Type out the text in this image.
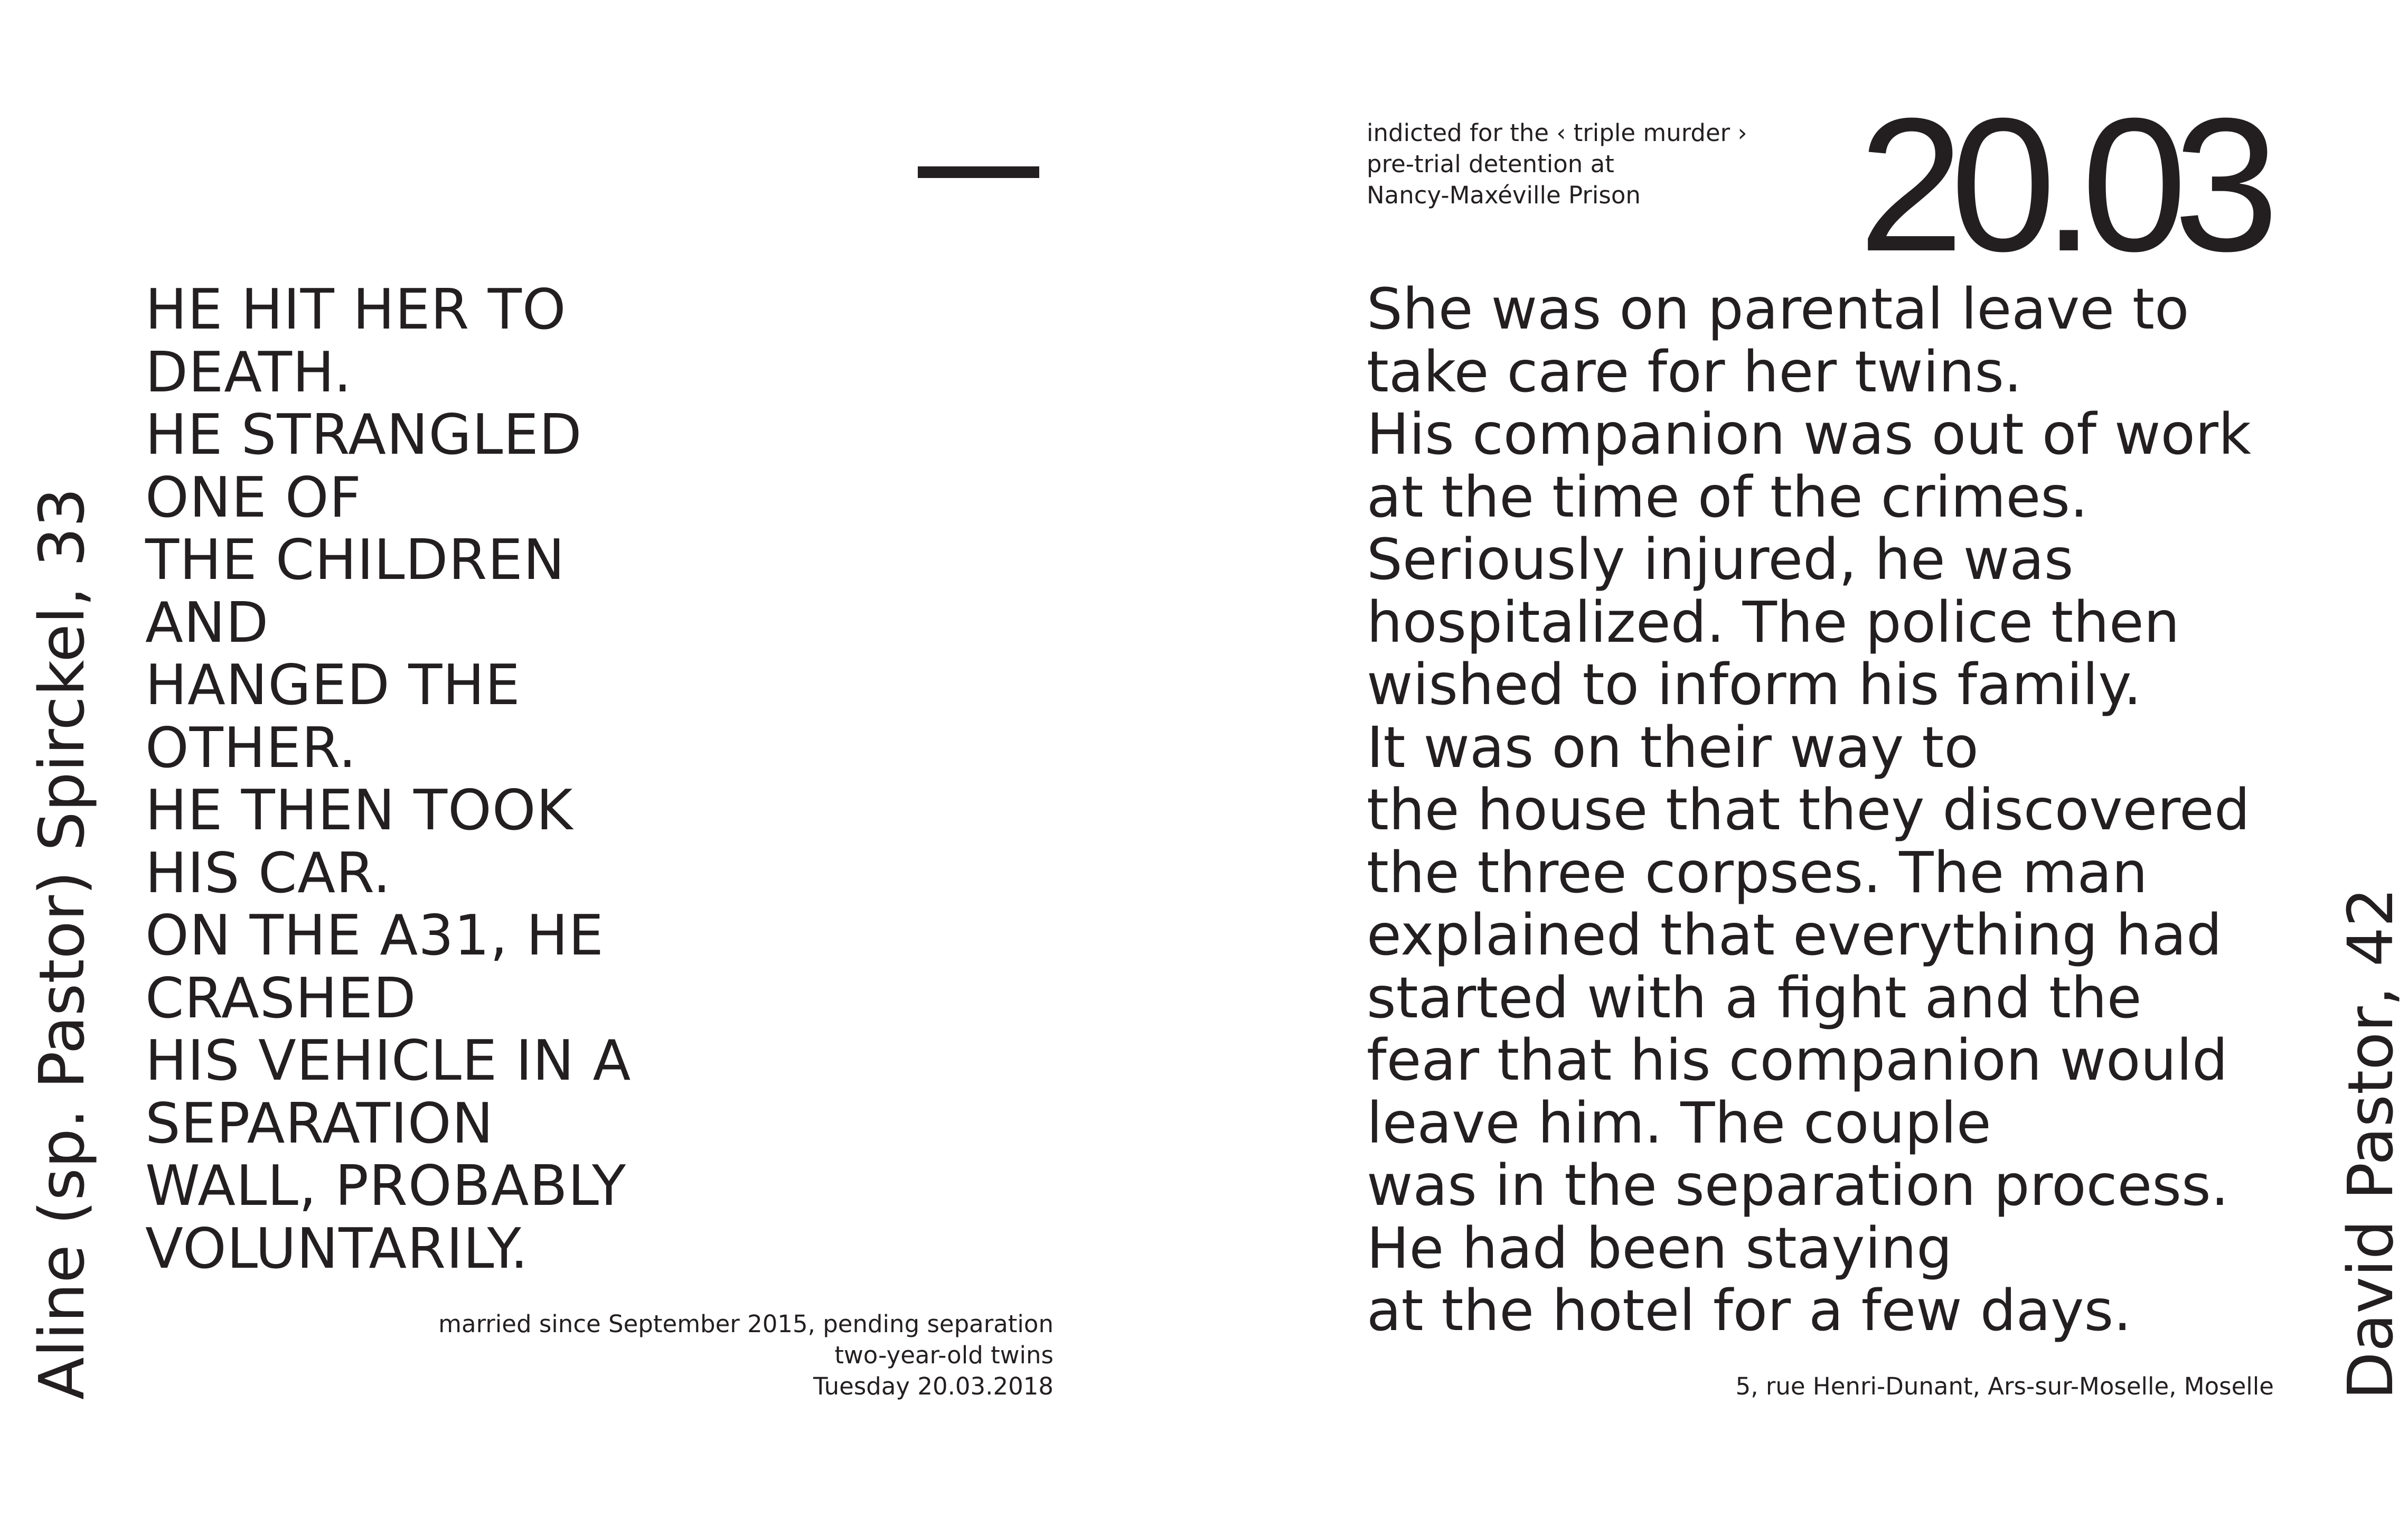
Aline (sp. Pastor) Spirckel, 33

HE HIT HER TO
DEATH.
HE STRANGLED
ONE OF
THE CHILDREN
AND
HANGED THE
OTHER.
HE THEN TOOK
HIS CAR.
ON THE A31, HE
CRASHED
HIS VEHICLE IN A
SEPARATION
WALL, PROBABLY
VOLUNTARILY.

married since September 2015, pending separation
two-year-old twins
Tuesday 20.03.2018
indicted for the ‹ triple murder ›
pre-trial detention at
Nancy-Maxéville Prison	20.03

She was on parental leave to
take care for her twins.
His companion was out of work
at the time of the crimes.
Seriously injured, he was
hospitalized. The police then
wished to inform his family.
It was on their way to
the house that they discovered
the three corpses. The man
explained that everything had
started with a fight and the
fear that his companion would
leave him. The couple
was in the separation process.
He had been staying
at the hotel for a few days.

5, rue Henri-Dunant, Ars-sur-Moselle, Moselle David Pastor, 42
